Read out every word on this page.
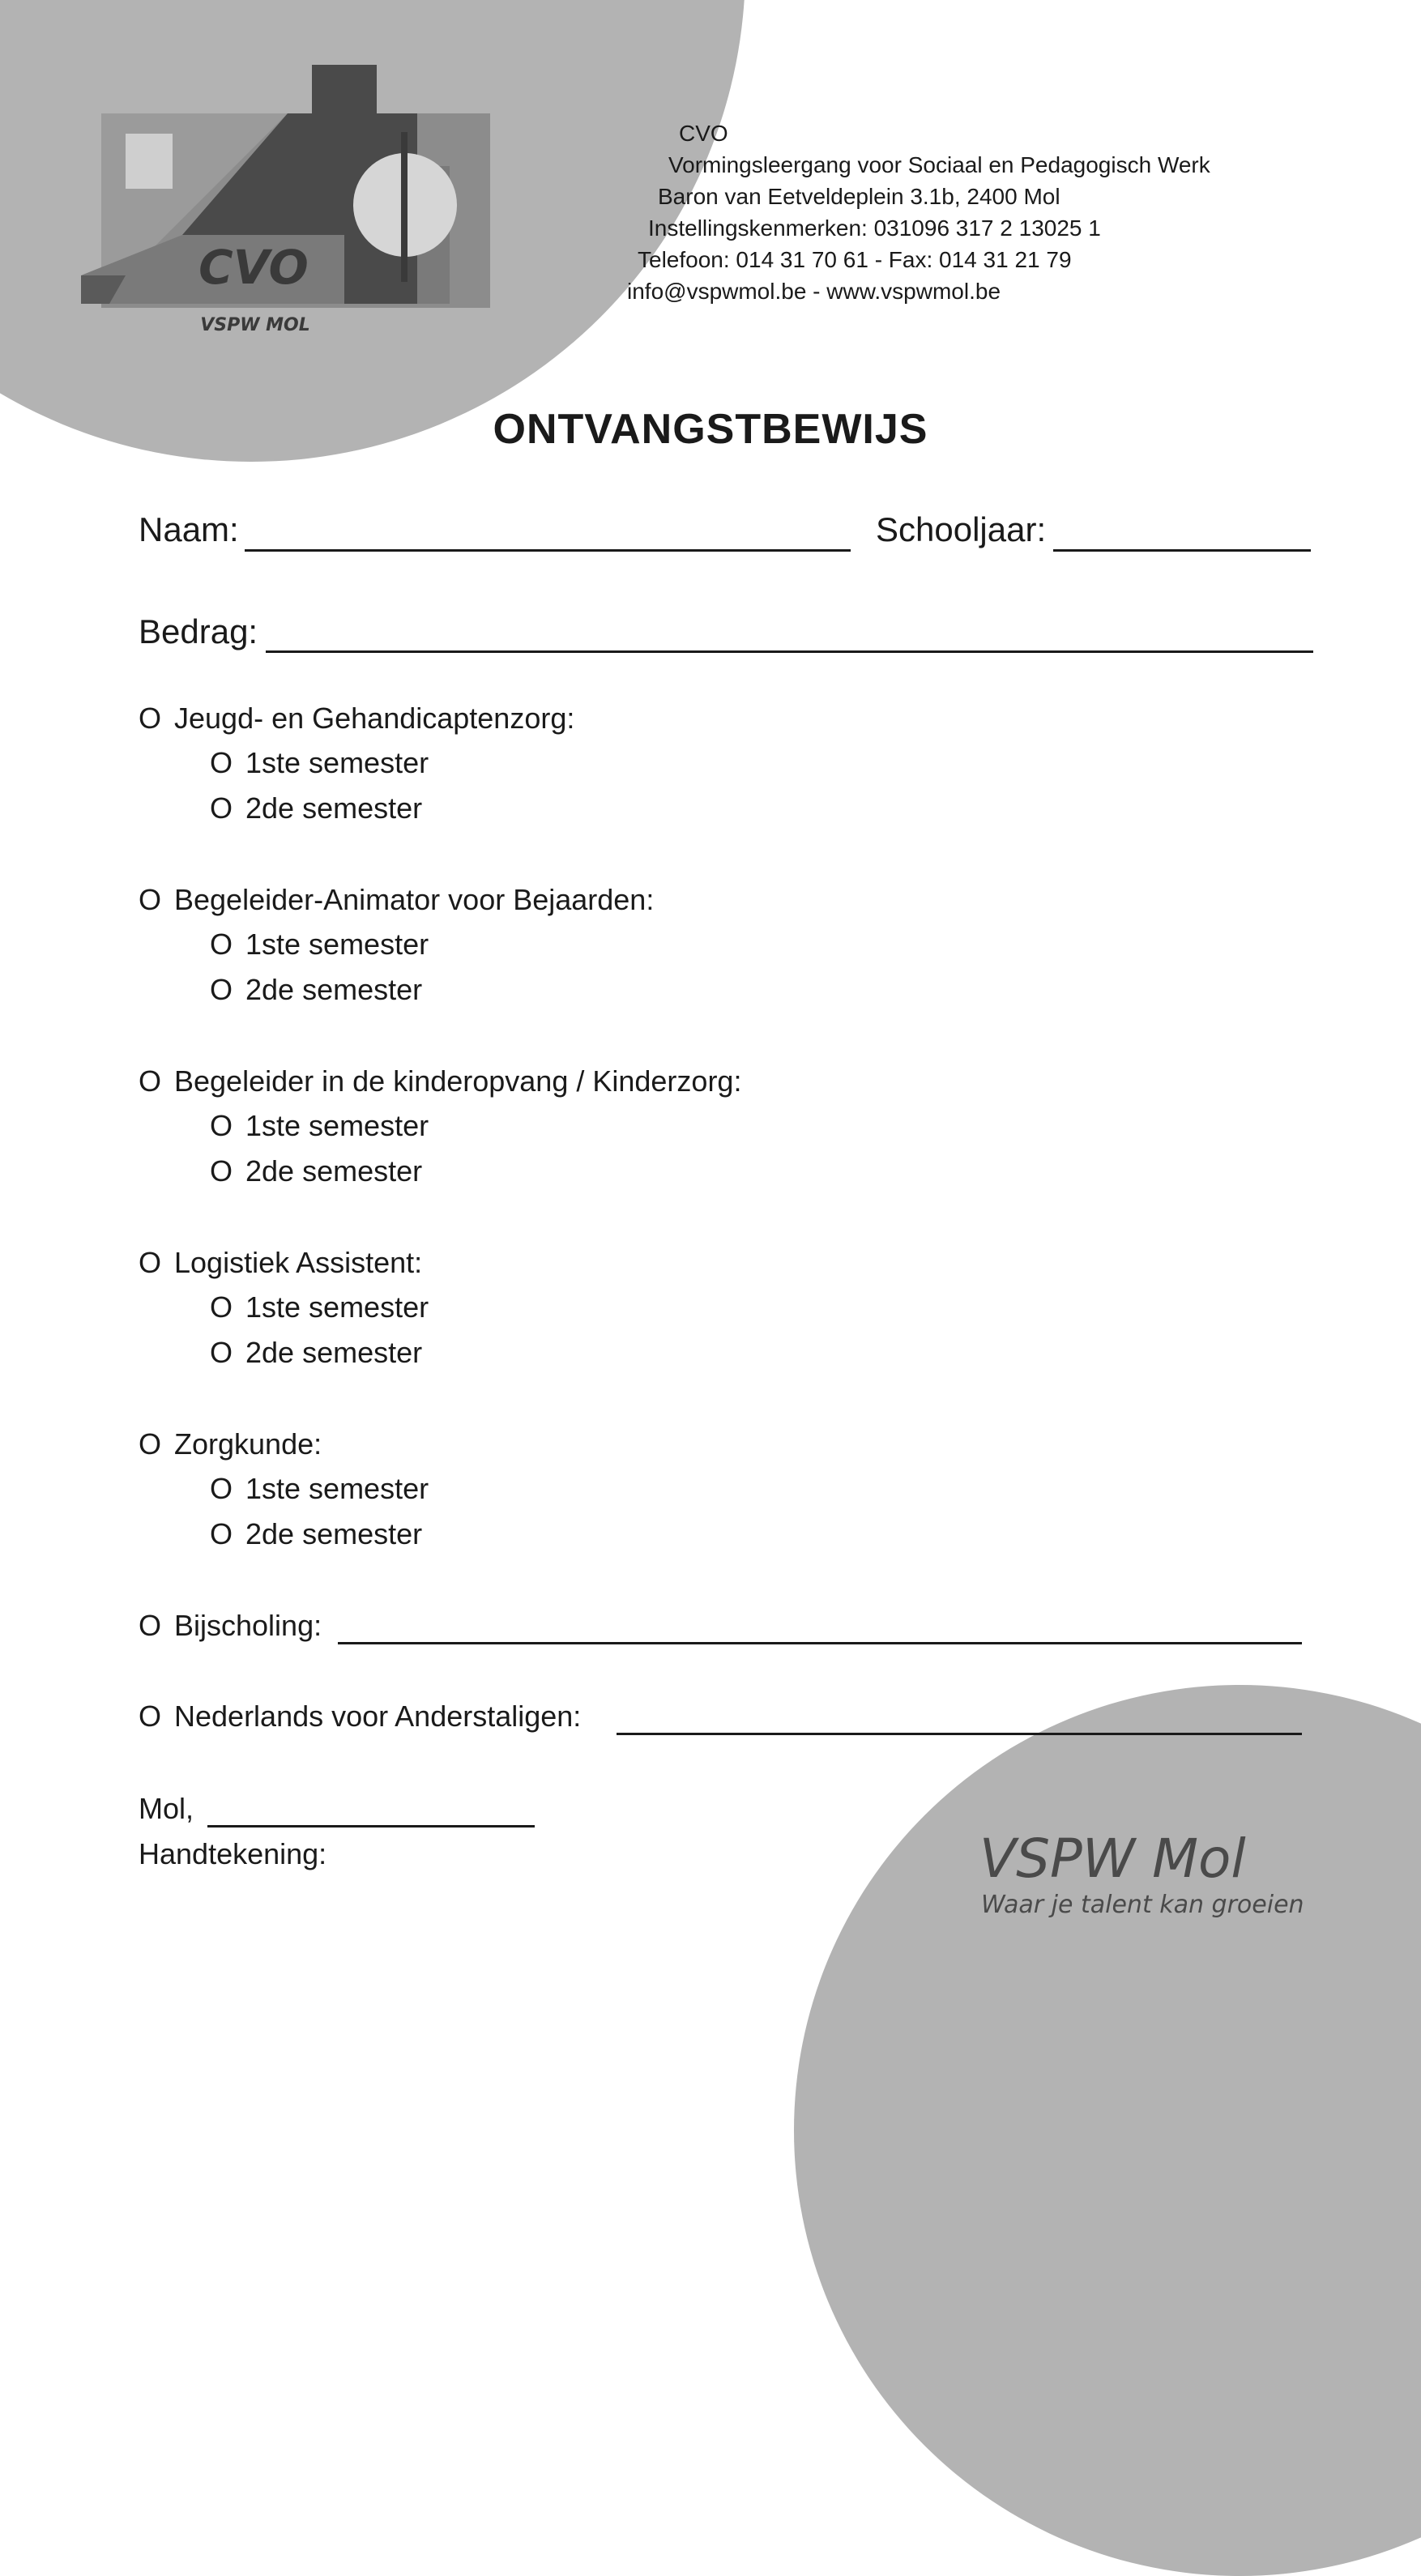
CVO
VSPW MOL
CVO
Vormingsleergang voor Sociaal en Pedagogisch Werk
Baron van Eetveldeplein 3.1b, 2400 Mol
Instellingskenmerken: 031096 317 2 13025 1
Telefoon: 014 31 70 61 - Fax: 014 31 21 79
info@vspwmol.be - www.vspwmol.be
ONTVANGSTBEWIJS
Naam:	Schooljaar:
Bedrag:
O Jeugd- en Gehandicaptenzorg:
O 1ste semester
O 2de semester
O Begeleider-Animator voor Bejaarden:
O 1ste semester
O 2de semester
O Begeleider in de kinderopvang / Kinderzorg:
O 1ste semester
O 2de semester
O Logistiek Assistent:
O 1ste semester
O 2de semester
O Zorgkunde:
O 1ste semester
O 2de semester
O Bijscholing:
O Nederlands voor Anderstaligen:
Mol,
Handtekening:	VSPW Mol
Waar je talent kan groeien
